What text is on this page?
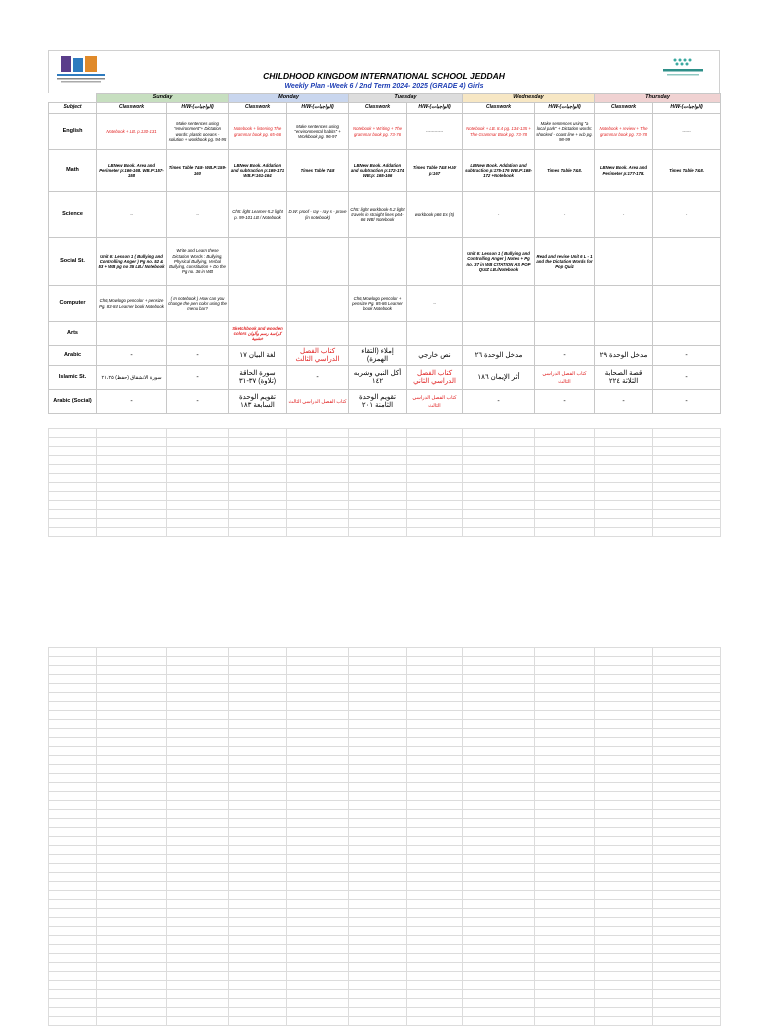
CHILDHOOD KINGDOM INTERNATIONAL SCHOOL JEDDAH
Weekly Plan -Week 6 / 2nd Term 2024- 2025 (GRADE 4) Girls
	Sunday		Monday		Tuesday		Wednesday		Thursday	
Subject	Classwork	H/W-(الواجبات)	Classwork	H/W-(الواجبات)	Classwork	H/W-(الواجبات)	Classwork	H/W-(الواجبات)	Classwork	H/W-(الواجبات)
English	Notebook + LB. p.130-131	Make sentences using "environment"+ Dictation words: plastic oceans - solution + workbook pg. 94-95	Notebook + listening The grammar book pg. 65-66	Make sentences using "environmental habits" + Workbook pg. 96-97	Notebook + Writing + The grammar book pg. 73-76	------------	Notebook + LB. 8.4 pg. 134-135 + The Grammar Book pg. 73-78	Make sentences using "a local park" + Dictation words: shocked - coast line + w.b pg. 98-99	Notebook + review + The grammar book pg. 73-78	------
Math	LBNew Book. Area and Perimeter p:166-168. WB.P:157-158	Times Table 7&8- WB.P:159-160	LBNew Book. Addation and subtraction p:169-171 WB.P:161-164	Times Table 7&8	LBNew Book. Addation and subtraction p:172-174 WB:p: 165-166	Times Table 7&8 H.W p:167	LBNew Book. Addation and subtraction p:175-176 WB.P:168-172 +Notebook	Times Table 7&8.	LBNew Book. Area and Perimeter p:177-178.	Times Table 7&8.
Science	--	--	Ch5: light Learner-5.2 light p. 99-101 LB / Notebook	D.W: proof - ray - ray s - prove (in notebook)	Ch5: light workbook-5.2 light travels in straight lines p64-66 WB/ Notebook	workbook p66 Ex (5)	-	-	-	-
Social St.	Unit 6: Lesson 1 ( Bullying and Controlling Anger ) Pg no. 52 & 53 + WB pg no 35 LB./ Notebook	Write and Learn these Dictation Words : Bullying, Physical Bullying, Verbal Bullying, constitution + Do the Pg no. 36 in WB					Unit 6: Lesson 1 ( Bullying and Controlling Anger ) Notes + Pg no. 37 in WB CITATION AS POP QUIZ LB./Notebook	Read and revise Unit 6 L - 1 and the Dictation Words for Pop Quiz		
Computer	Ch6,Mowlogo pencolor + pensize Pg. 83-84 Learner book Notebook	( In notebook ) How can you change the pen color using the menu bar?			Ch6,Mowlogo pencolor + pensize Pg. 85-86 Learner book Notebook	--				
Arts			Sketchbook and wooden colors كراسة رسم وألوان خشبية							
Arabic	-	-	لغة البيان ١٧	كتاب الفصل الدراسي الثالث	إملاء (التقاء الهمزة)	نص خارجي	مدخل الوحدة ٢٦	-	مدخل الوحدة ٢٩	-
Islamic St.	سورة الانشقاق (حفظ) ٢١،٢٥	-	سورة الحاقة (تلاوة) ٣٧-٣١	-	أكل النبي وشربه ١٤٢	كتاب الفصل الدراسي الثاني	أثر الإيمان ١٨٦	كتاب الفصل الدراسي الثالث	قصة الصحابة الثلاثة ٢٢٤	-
Arabic (Social)	-	-	تقويم الوحدة السابعة ١٨٣	كتاب الفصل الدراسي الثالث	تقويم الوحدة الثامنة ٢٠١	كتاب الفصل الدراسي الثالث	-	-	-	-
